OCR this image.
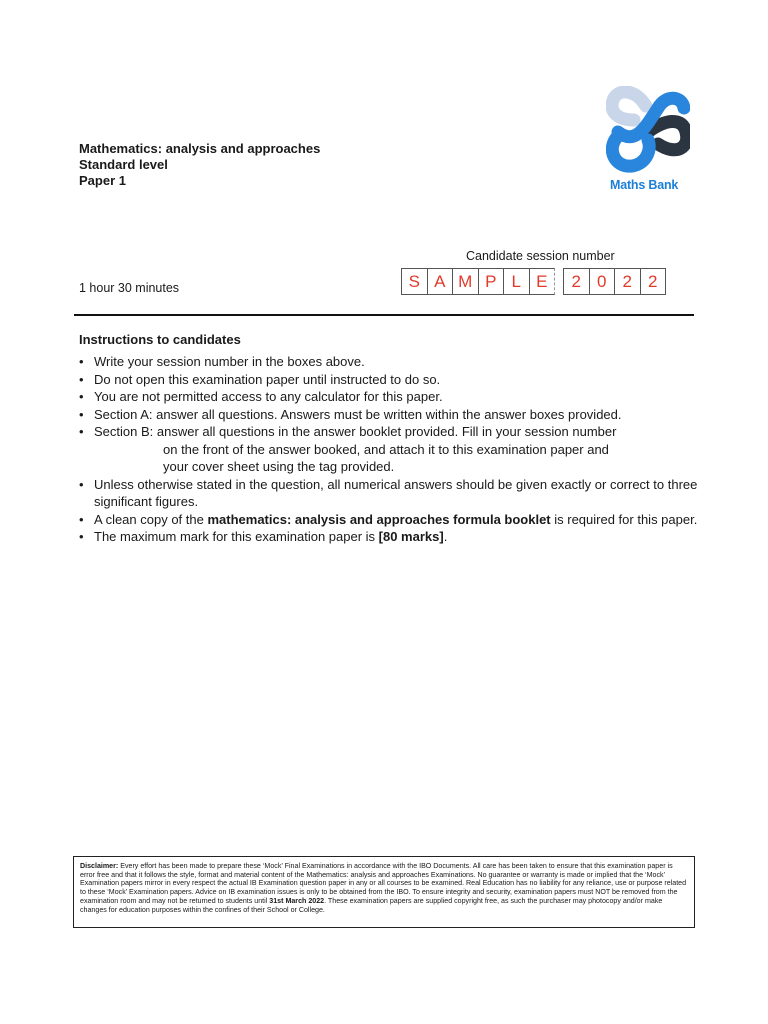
Mathematics: analysis and approaches
Standard level
Paper 1	Maths Bank
1 hour 30 minutes
Candidate session number
S A M P L E	2 0 2 2
Instructions to candidates
• Write your session number in the boxes above.
• Do not open this examination paper until instructed to do so.
• You are not permitted access to any calculator for this paper.
• Section A: answer all questions. Answers must be written within the answer boxes provided.
• Section B: answer all questions in the answer booklet provided. Fill in your session number
on the front of the answer booked, and attach it to this examination paper and
your cover sheet using the tag provided.
• Unless otherwise stated in the question, all numerical answers should be given exactly or correct to three significant figures.
• A clean copy of the mathematics: analysis and approaches formula booklet is required for this paper.
• The maximum mark for this examination paper is [80 marks].
Disclaimer: Every effort has been made to prepare these ‘Mock’ Final Examinations in accordance with the IBO Documents. All care has been taken to ensure that this examination paper is error free and that it follows the style, format and material content of the Mathematics: analysis and approaches Examinations. No guarantee or warranty is made or implied that the ‘Mock’ Examination papers mirror in every respect the actual IB Examination question paper in any or all courses to be examined. Real Education has no liability for any reliance, use or purpose related to these ‘Mock’ Examination papers. Advice on IB examination issues is only to be obtained from the IBO. To ensure integrity and security, examination papers must NOT be removed from the examination room and may not be returned to students until 31st March 2022. These examination papers are supplied copyright free, as such the purchaser may photocopy and/or make changes for education purposes within the confines of their School or College.
